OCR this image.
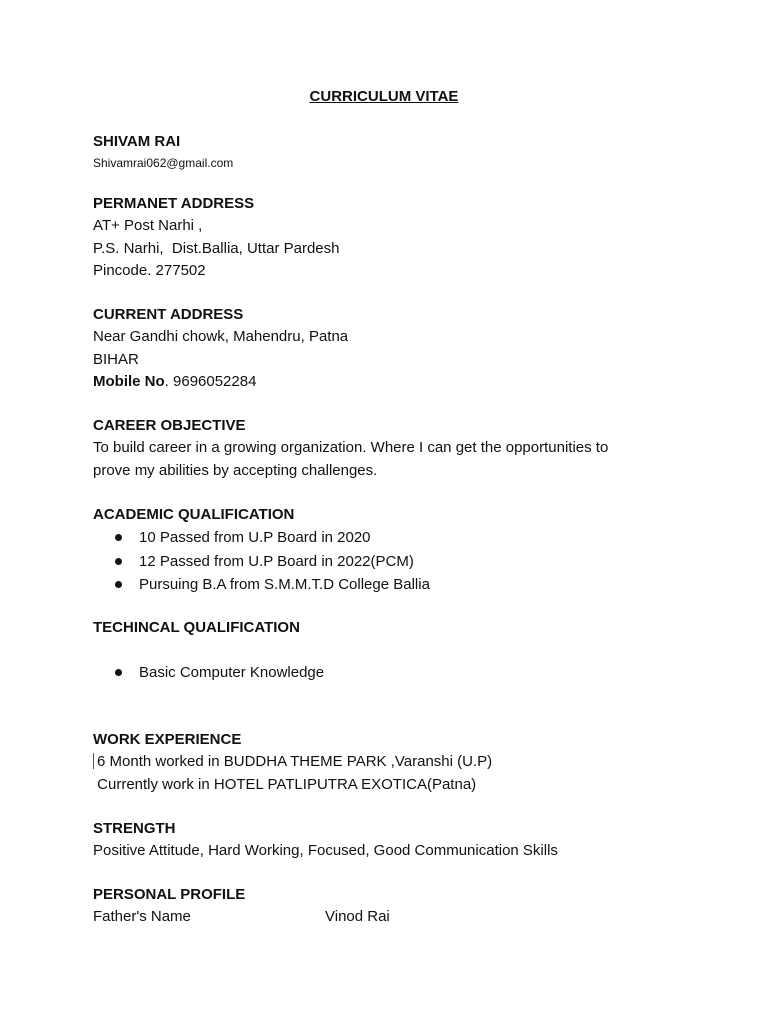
CURRICULUM VITAE
SHIVAM RAI
Shivamrai062@gmail.com
PERMANET ADDRESS
AT+ Post Narhi ,
P.S. Narhi,  Dist.Ballia, Uttar Pardesh
Pincode. 277502
CURRENT ADDRESS
Near Gandhi chowk, Mahendru, Patna
BIHAR
Mobile No. 9696052284
CAREER OBJECTIVE
To build career in a growing organization. Where I can get the opportunities to
prove my abilities by accepting challenges.
ACADEMIC QUALIFICATION
10 Passed from U.P Board in 2020
12 Passed from U.P Board in 2022(PCM)
Pursuing B.A from S.M.M.T.D College Ballia
TECHINCAL QUALIFICATION
Basic Computer Knowledge
WORK EXPERIENCE
6 Month worked in BUDDHA THEME PARK ,Varanshi (U.P)
Currently work in HOTEL PATLIPUTRA EXOTICA(Patna)
STRENGTH
Positive Attitude, Hard Working, Focused, Good Communication Skills
PERSONAL PROFILE
Father's Name	Vinod Rai
